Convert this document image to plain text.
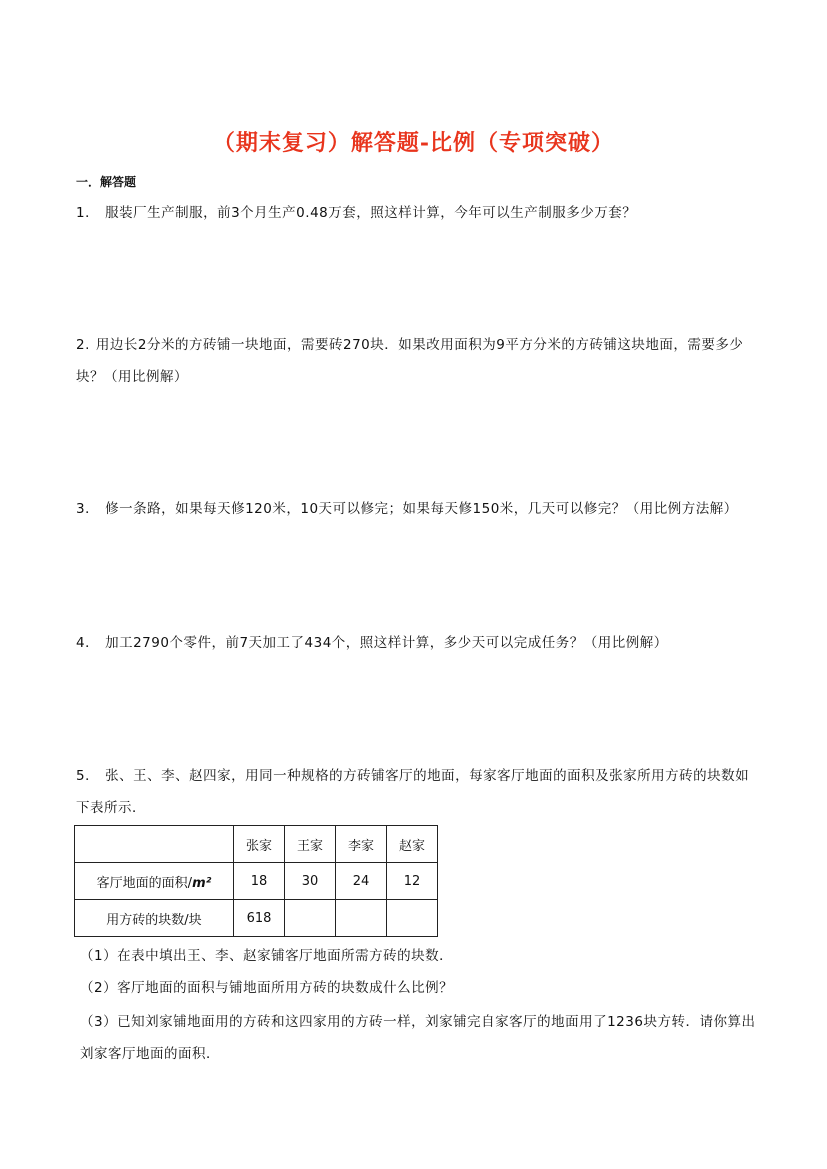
（期末复习）解答题-比例（专项突破）
一．解答题
1． 服装厂生产制服，前3个月生产0.48万套，照这样计算，今年可以生产制服多少万套？
2. 用边长2分米的方砖铺一块地面，需要砖270块．如果改用面积为9平方分米的方砖铺这块地面，需要多少块？（用比例解）
3． 修一条路，如果每天修120米，10天可以修完；如果每天修150米，几天可以修完？（用比例方法解）
4． 加工2790个零件，前7天加工了434个，照这样计算，多少天可以完成任务？（用比例解）
5． 张、王、李、赵四家，用同一种规格的方砖铺客厅的地面，每家客厅地面的面积及张家所用方砖的块数如下表所示．
	张家	王家	李家	赵家
客厅地面的面积/m²	18	30	24	12
用方砖的块数/块	618			
（1）在表中填出王、李、赵家铺客厅地面所需方砖的块数．
（2）客厅地面的面积与铺地面所用方砖的块数成什么比例？
（3）已知刘家铺地面用的方砖和这四家用的方砖一样，刘家铺完自家客厅的地面用了1236块方转．请你算出刘家客厅地面的面积．
